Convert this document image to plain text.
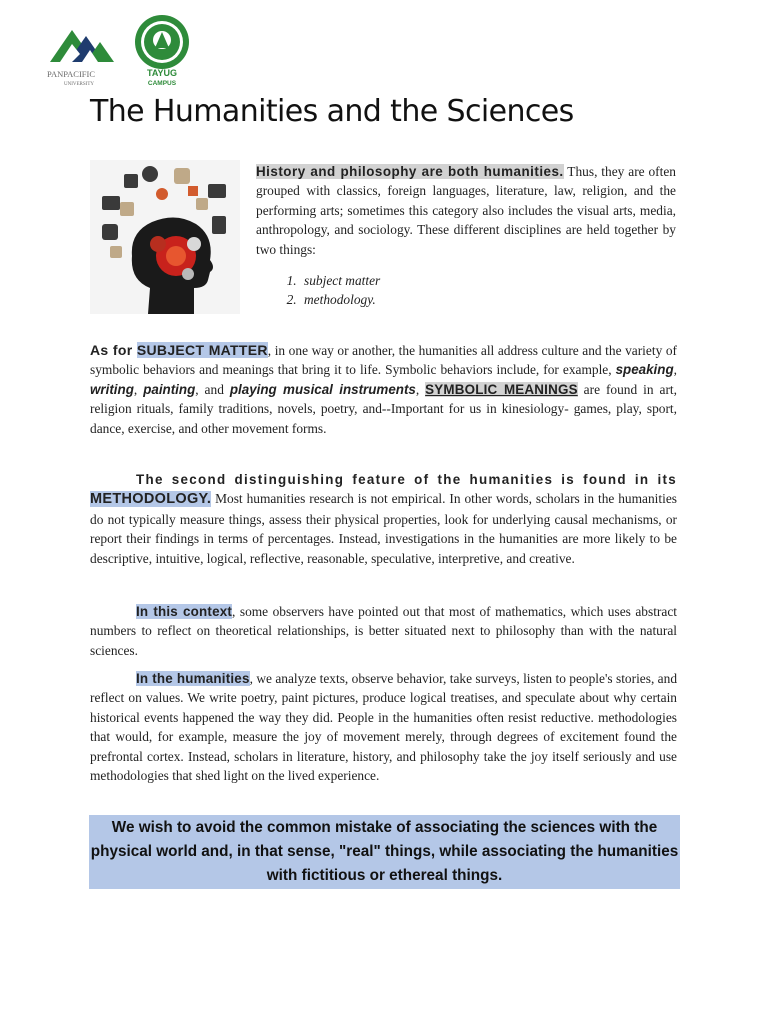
PANPACIFIC
UNIVERSITY
TAYUG
CAMPUS
The Humanities and the Sciences
History and philosophy are both humanities. Thus, they are often grouped with classics, foreign languages, literature, law, religion, and the performing arts; sometimes this category also includes the visual arts, media, anthropology, and sociology. These different disciplines are held together by two things:
1. subject matter
2. methodology.

As for SUBJECT MATTER, in one way or another, the humanities all address culture and the variety of symbolic behaviors and meanings that bring it to life. Symbolic behaviors include, for example, speaking, writing, painting, and playing musical instruments, SYMBOLIC MEANINGS are found in art, religion rituals, family traditions, novels, poetry, and--Important for us in kinesiology- games, play, sport, dance, exercise, and other movement forms.

The second distinguishing feature of the humanities is found in its METHODOLOGY. Most humanities research is not empirical. In other words, scholars in the humanities do not typically measure things, assess their physical properties, look for underlying causal mechanisms, or report their findings in terms of percentages. Instead, investigations in the humanities are more likely to be descriptive, intuitive, logical, reflective, reasonable, speculative, interpretive, and creative.

In this context, some observers have pointed out that most of mathematics, which uses abstract numbers to reflect on theoretical relationships, is better situated next to philosophy than with the natural sciences.

In the humanities, we analyze texts, observe behavior, take surveys, listen to people's stories, and reflect on values. We write poetry, paint pictures, produce logical treatises, and speculate about why certain historical events happened the way they did. People in the humanities often resist reductive. methodologies that would, for example, measure the joy of movement merely, through degrees of excitement found the prefrontal cortex. Instead, scholars in literature, history, and philosophy take the joy itself seriously and use methodologies that shed light on the lived experience.

We wish to avoid the common mistake of associating the sciences with the physical world and, in that sense, "real" things, while associating the humanities with fictitious or ethereal things.
